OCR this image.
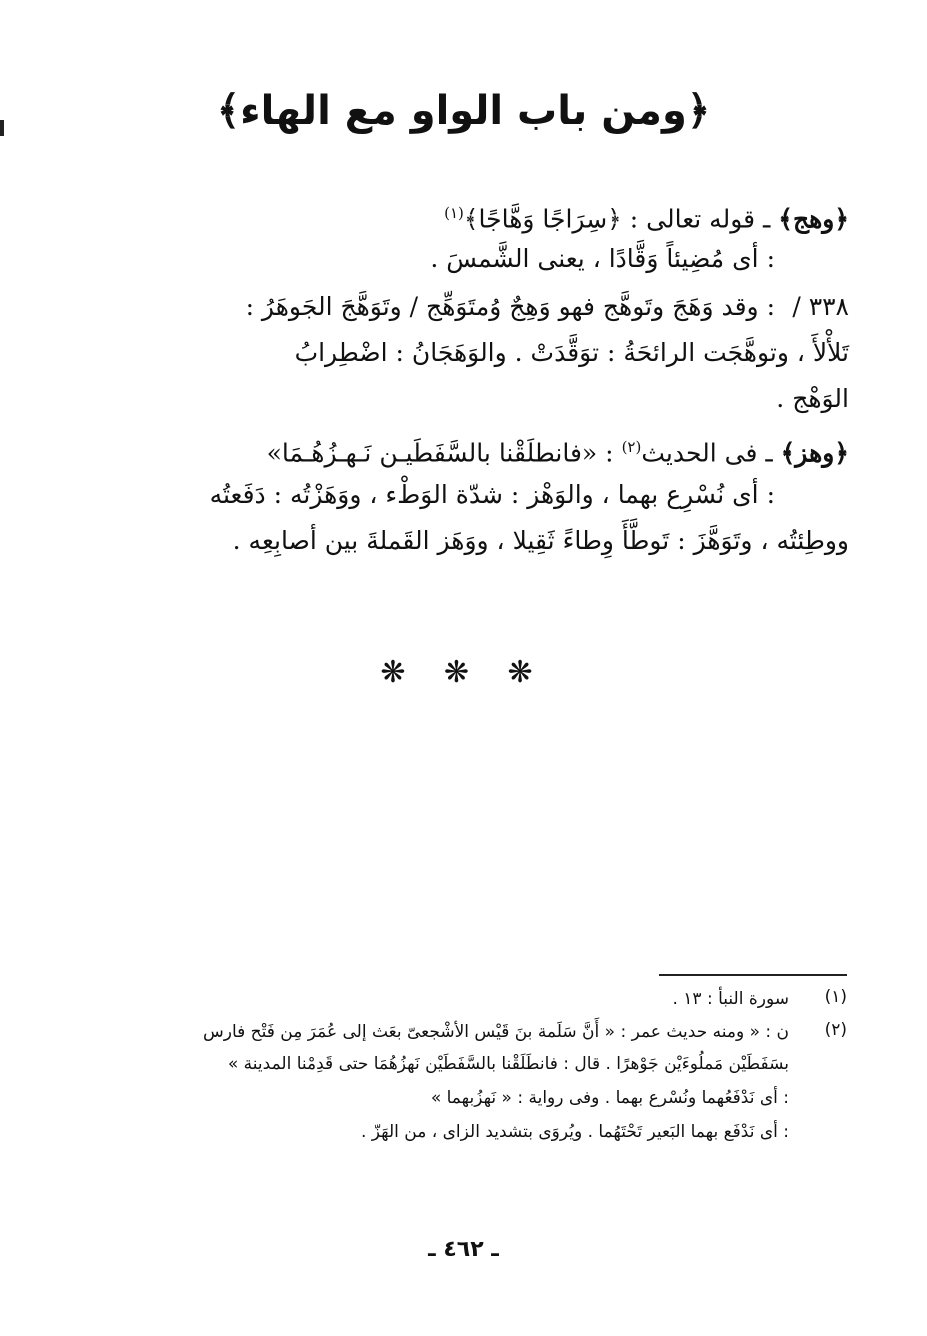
﴿ومن باب الواو مع الهاء﴾
﴿وهج﴾ ـ قوله تعالى : ﴿سِرَاجًا وَهَّاجًا﴾$^{(١)}$
: أى مُضِيئاً وَقَّادًا ، يعنى الشَّمسَ .
٣٣٨ /
: وقد وَهَجَ وتَوهَّج فهو وَهِجٌ وُمتَوَهِّج / وتَوَهَّجَ الجَوهَرُ :
تَلأْلأَ ، وتوهَّجَت الرائحَةُ : توَقَّدَتْ . والوَهَجَانُ : اضْطِرابُ
الوَهْج .
﴿وهز﴾ ـ فى الحديث$^{(٢)}$ : «فانطلَقْنا بالسَّفَطَيـن نَـهـزُهُـمَا»
: أى نُسْرِع بهما ، والوَهْز : شدّة الوَطْء ، ووَهَزْتُه : دَفَعتُه
ووطِئتُه ، وتَوَهَّزَ : تَوطَّأَ وِطاءً ثَقِيلا ، ووَهَز القَملةَ بين أصابِعِه .
❋ ❋ ❋
(١)
سورة النبأ : ١٣ .
(٢)
ن : « ومنه حديث عمر : « أَنَّ سَلَمة بنَ قَيْس الأشْجعىّ بعَث إلى عُمَرَ مِن فَتْح فارس
بسَفَطَيْن مَملُوءَيْن جَوْهرًا . قال : فانطَلَقْنا بالسَّفَطَيْن نَهزُهُمَا حتى قَدِمْنا المدينة »
: أى نَدْفَعُهما ونُسْرع بهما . وفى رواية : « نَهزُبهما »
: أى نَدْفَع بهما البَعير تَحْتَهُما . ويُروَى بتشديد الزاى ، من الهَزّ .
ـ ٤٦٢ ـ
